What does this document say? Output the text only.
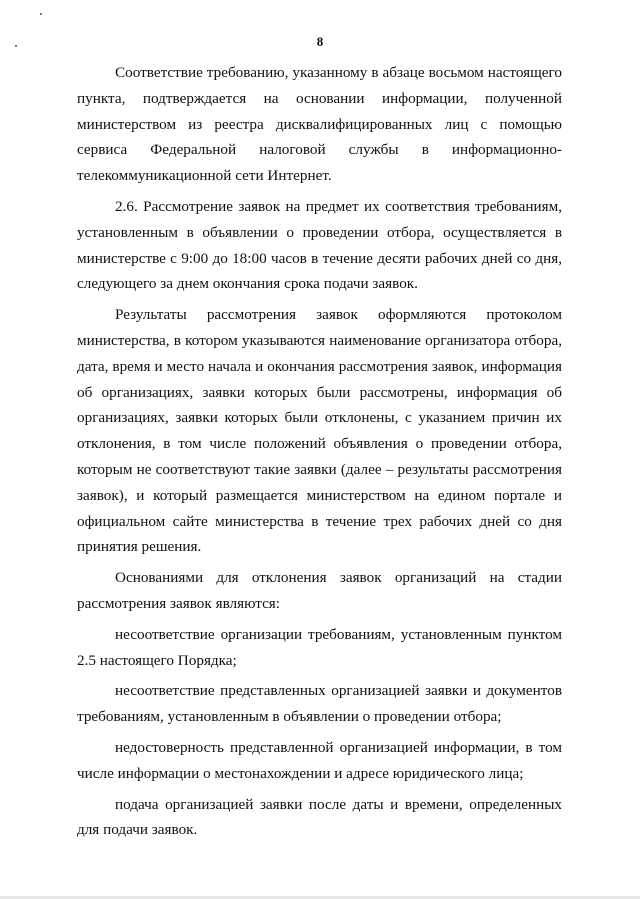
8

Соответствие требованию, указанному в абзаце восьмом настоящего пункта, подтверждается на основании информации, полученной министерством из реестра дисквалифицированных лиц с помощью сервиса Федеральной налоговой службы в информационно-телекоммуникационной сети Интернет.

2.6. Рассмотрение заявок на предмет их соответствия требованиям, установленным в объявлении о проведении отбора, осуществляется в министерстве с 9:00 до 18:00 часов в течение десяти рабочих дней со дня, следующего за днем окончания срока подачи заявок.

Результаты рассмотрения заявок оформляются протоколом министерства, в котором указываются наименование организатора отбора, дата, время и место начала и окончания рассмотрения заявок, информация об организациях, заявки которых были рассмотрены, информация об организациях, заявки которых были отклонены, с указанием причин их отклонения, в том числе положений объявления о проведении отбора, которым не соответствуют такие заявки (далее – результаты рассмотрения заявок), и который размещается министерством на едином портале и официальном сайте министерства в течение трех рабочих дней со дня принятия решения.

Основаниями для отклонения заявок организаций на стадии рассмотрения заявок являются:

несоответствие организации требованиям, установленным пунктом 2.5 настоящего Порядка;

несоответствие представленных организацией заявки и документов требованиям, установленным в объявлении о проведении отбора;

недостоверность представленной организацией информации, в том числе информации о местонахождении и адресе юридического лица;

подача организацией заявки после даты и времени, определенных для подачи заявок.
